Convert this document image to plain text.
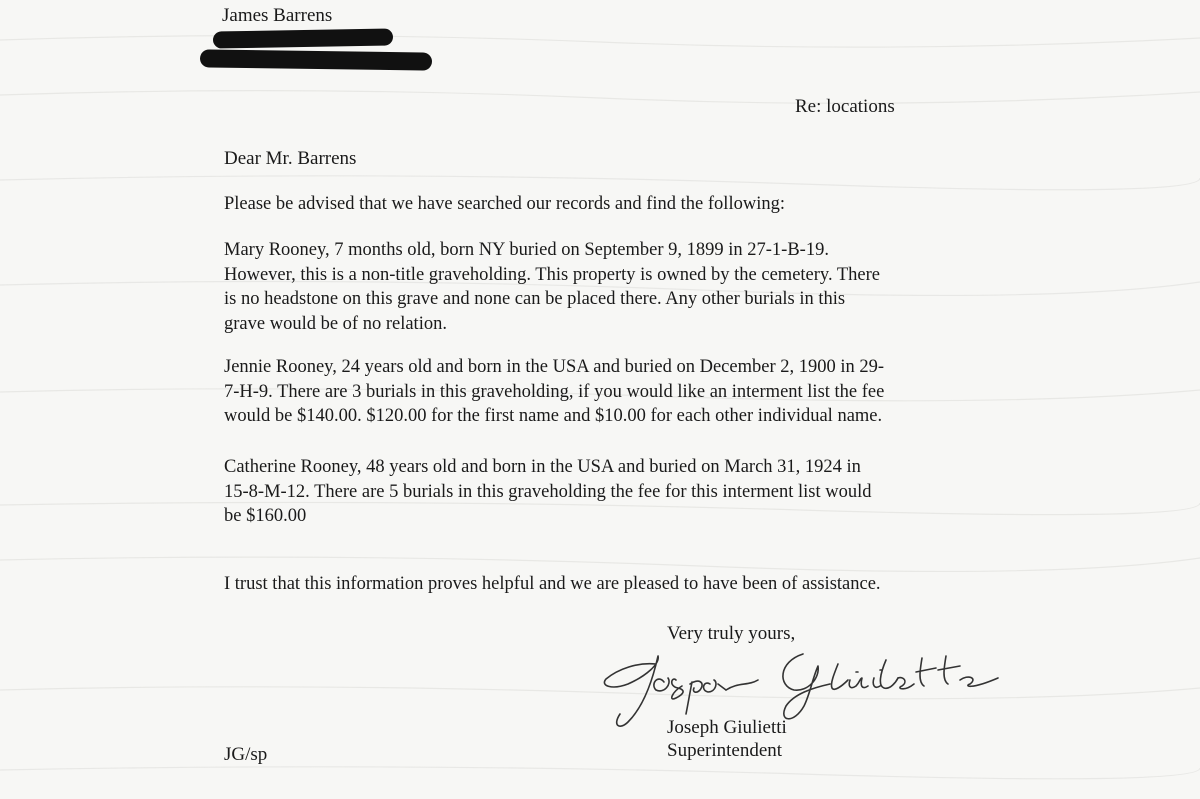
James Barrens
Re: locations
Dear Mr. Barrens
Please be advised that we have searched our records and find the following:
Mary Rooney, 7 months old, born NY buried on September 9, 1899 in 27-1-B-19.
However, this is a non-title graveholding. This property is owned by the cemetery. There
is no headstone on this grave and none can be placed there. Any other burials in this
grave would be of no relation.
Jennie Rooney, 24 years old and born in the USA and buried on December 2, 1900 in 29-
7-H-9. There are 3 burials in this graveholding, if you would like an interment list the fee
would be $140.00. $120.00 for the first name and $10.00 for each other individual name.
Catherine Rooney, 48 years old and born in the USA and buried on March 31, 1924 in
15-8-M-12. There are 5 burials in this graveholding the fee for this interment list would
be $160.00
I trust that this information proves helpful and we are pleased to have been of assistance.
Very truly yours,
Joseph Giulietti
Superintendent
JG/sp
